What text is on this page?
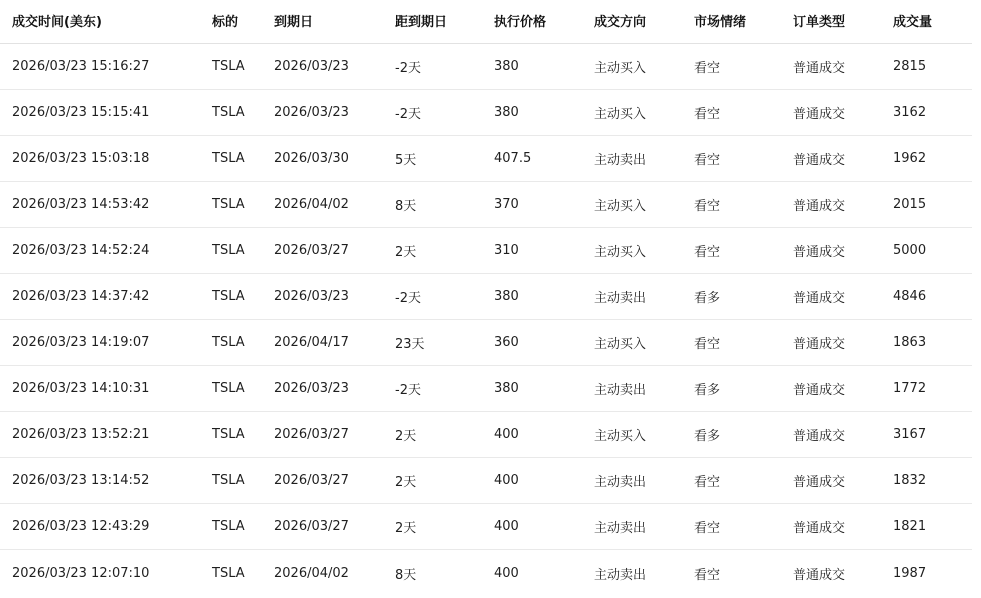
成交时间(美东)	标的	到期日	距到期日	执行价格	成交方向	市场情绪	订单类型	成交量
2026/03/23 15:16:27	TSLA 2026/03/23	-2天	380	主动买入	看空	普通成交	2815
2026/03/23 15:15:41	TSLA 2026/03/23	-2天	380	主动买入	看空	普通成交	3162
2026/03/23 15:03:18	TSLA 2026/03/30	5天	407.5	主动卖出	看空	普通成交	1962
2026/03/23 14:53:42	TSLA 2026/04/02	8天	370	主动买入	看空	普通成交	2015
2026/03/23 14:52:24	TSLA 2026/03/27	2天	310	主动买入	看空	普通成交	5000
2026/03/23 14:37:42	TSLA 2026/03/23	-2天	380	主动卖出	看多	普通成交	4846
2026/03/23 14:19:07	TSLA 2026/04/17	23天	360	主动买入	看空	普通成交	1863
2026/03/23 14:10:31	TSLA 2026/03/23	-2天	380	主动卖出	看多	普通成交	1772
2026/03/23 13:52:21	TSLA 2026/03/27	2天	400	主动买入	看多	普通成交	3167
2026/03/23 13:14:52	TSLA 2026/03/27	2天	400	主动卖出	看空	普通成交	1832
2026/03/23 12:43:29	TSLA 2026/03/27	2天	400	主动卖出	看空	普通成交	1821
2026/03/23 12:07:10	TSLA 2026/04/02	8天	400	主动卖出	看空	普通成交	1987
